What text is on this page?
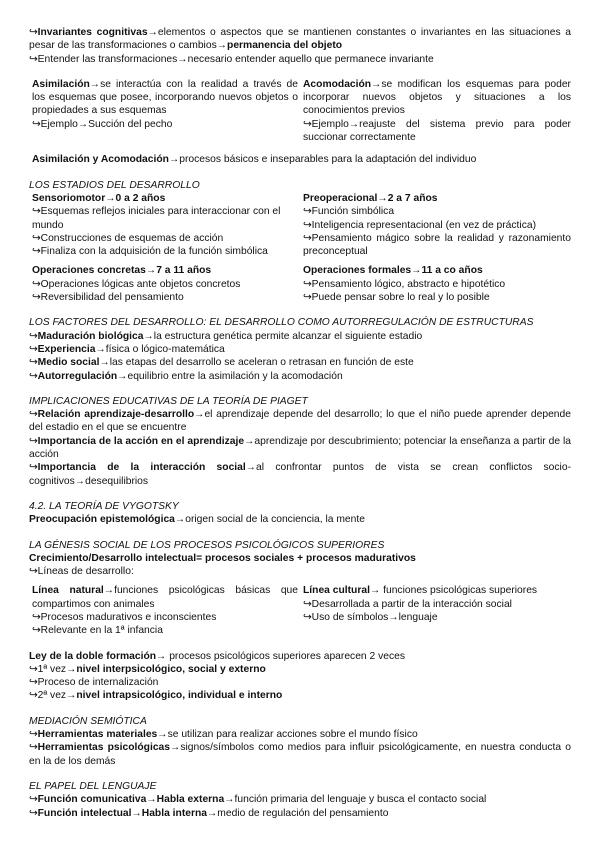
↪Invariantes cognitivas→elementos o aspectos que se mantienen constantes o invariantes en las situaciones a pesar de las transformaciones o cambios→permanencia del objeto

↪Entender las transformaciones→necesario entender aquello que permanece invariante

Asimilación→se interactúa con la realidad a través de los esquemas que posee, incorporando nuevos objetos o propiedades a sus esquemas

↪Ejemplo→Succión del pecho

Acomodación→se modifican los esquemas para poder incorporar nuevos objetos y situaciones a los conocimientos previos

↪Ejemplo→reajuste del sistema previo para poder succionar correctamente

Asimilación y Acomodación→procesos básicos e inseparables para la adaptación del individuo

LOS ESTADIOS DEL DESARROLLO

Sensoriomotor→0 a 2 años

↪Esquemas reflejos iniciales para interaccionar con el mundo

↪Construcciones de esquemas de acción

↪Finaliza con la adquisición de la función simbólica

Preoperacional→2 a 7 años

↪Función simbólica

↪Inteligencia representacional (en vez de práctica)

↪Pensamiento mágico sobre la realidad y razonamiento preconceptual

Operaciones concretas→7 a 11 años

↪Operaciones lógicas ante objetos concretos

↪Reversibilidad del pensamiento

Operaciones formales→11 a co años

↪Pensamiento lógico, abstracto e hipotético

↪Puede pensar sobre lo real y lo posible

LOS FACTORES DEL DESARROLLO: EL DESARROLLO COMO AUTORREGULACIÓN DE ESTRUCTURAS

↪Maduración biológica→la estructura genética permite alcanzar el siguiente estadio

↪Experiencia→física o lógico-matemática

↪Medio social→las etapas del desarrollo se aceleran o retrasan en función de este

↪Autorregulación→equilibrio entre la asimilación y la acomodación

IMPLICACIONES EDUCATIVAS DE LA TEORÍA DE PIAGET

↪Relación aprendizaje-desarrollo→el aprendizaje depende del desarrollo; lo que el niño puede aprender depende del estadio en el que se encuentre

↪Importancia de la acción en el aprendizaje→aprendizaje por descubrimiento; potenciar la enseñanza a partir de la acción

↪Importancia de la interacción social→al confrontar puntos de vista se crean conflictos socio-cognitivos→desequilibrios

4.2. LA TEORÍA DE VYGOTSKY

Preocupación epistemológica→origen social de la conciencia, la mente

LA GÉNESIS SOCIAL DE LOS PROCESOS PSICOLÓGICOS SUPERIORES

Crecimiento/Desarrollo intelectual= procesos sociales + procesos madurativos

↪Líneas de desarrollo:

Línea natural→funciones psicológicas básicas que compartimos con animales

↪Procesos madurativos e inconscientes

↪Relevante en la 1ª infancia

Línea cultural→ funciones psicológicas superiores

↪Desarrollada a partir de la interacción social

↪Uso de símbolos→lenguaje

Ley de la doble formación→ procesos psicológicos superiores aparecen 2 veces

↪1ª vez→nivel interpsicológico, social y externo

↪Proceso de internalización

↪2ª vez→nivel intrapsicológico, individual e interno

MEDIACIÓN SEMIÓTICA

↪Herramientas materiales→se utilizan para realizar acciones sobre el mundo físico

↪Herramientas psicológicas→signos/símbolos como medios para influir psicológicamente, en nuestra conducta o en la de los demás

EL PAPEL DEL LENGUAJE

↪Función comunicativa→Habla externa→función primaria del lenguaje y busca el contacto social

↪Función intelectual→Habla interna→medio de regulación del pensamiento
